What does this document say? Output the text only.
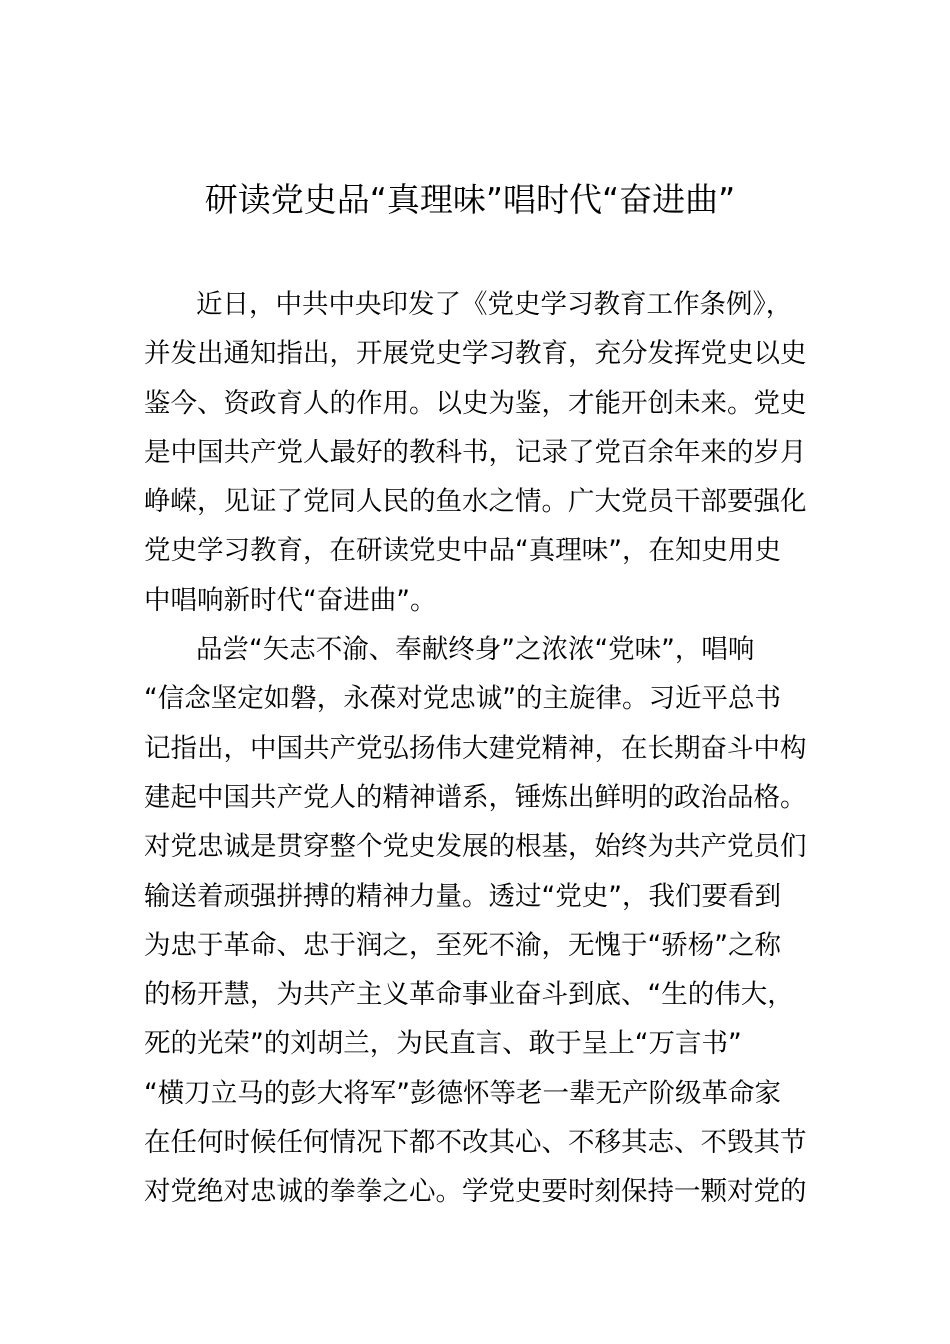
研读党史品“真理味”唱时代“奋进曲”
近日，中共中央印发了《党史学习教育工作条例》，
并发出通知指出，开展党史学习教育，充分发挥党史以史
鉴今、资政育人的作用。以史为鉴，才能开创未来。党史
是中国共产党人最好的教科书，记录了党百余年来的岁月
峥嵘，见证了党同人民的鱼水之情。广大党员干部要强化
党史学习教育，在研读党史中品“真理味”，在知史用史
中唱响新时代“奋进曲”。
品尝“矢志不渝、奉献终身”之浓浓“党味”，唱响
“信念坚定如磐，永葆对党忠诚”的主旋律。习近平总书
记指出，中国共产党弘扬伟大建党精神，在长期奋斗中构
建起中国共产党人的精神谱系，锤炼出鲜明的政治品格。
对党忠诚是贯穿整个党史发展的根基，始终为共产党员们
输送着顽强拼搏的精神力量。透过“党史”，我们要看到
为忠于革命、忠于润之，至死不渝，无愧于“骄杨”之称
的杨开慧，为共产主义革命事业奋斗到底、“生的伟大，
死的光荣”的刘胡兰，为民直言、敢于呈上“万言书”
“横刀立马的彭大将军”彭德怀等老一辈无产阶级革命家
在任何时候任何情况下都不改其心、不移其志、不毁其节
对党绝对忠诚的拳拳之心。学党史要时刻保持一颗对党的
